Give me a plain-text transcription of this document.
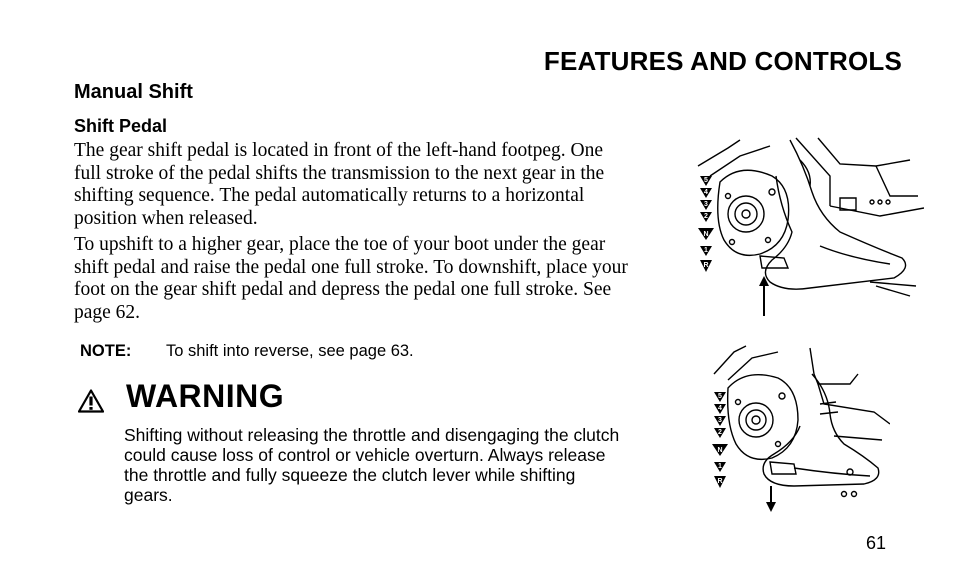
FEATURES AND CONTROLS
Manual Shift
Shift Pedal

The gear shift pedal is located in front of the left-hand footpeg. One full stroke of the pedal shifts the transmission to the next gear in the shifting sequence. The pedal automatically returns to a horizontal position when released.

To upshift to a higher gear, place the toe of your boot under the gear shift pedal and raise the pedal one full stroke. To downshift, place your foot on the gear shift pedal and depress the pedal one full stroke. See page 62.

NOTE: To shift into reverse, see page 63.
WARNING

Shifting without releasing the throttle and disengaging the clutch could cause loss of control or vehicle overturn. Always release the throttle and fully squeeze the clutch lever while shifting gears.

61
5
4
3
2
N
1
R
5
4
3
2
N
1
R
